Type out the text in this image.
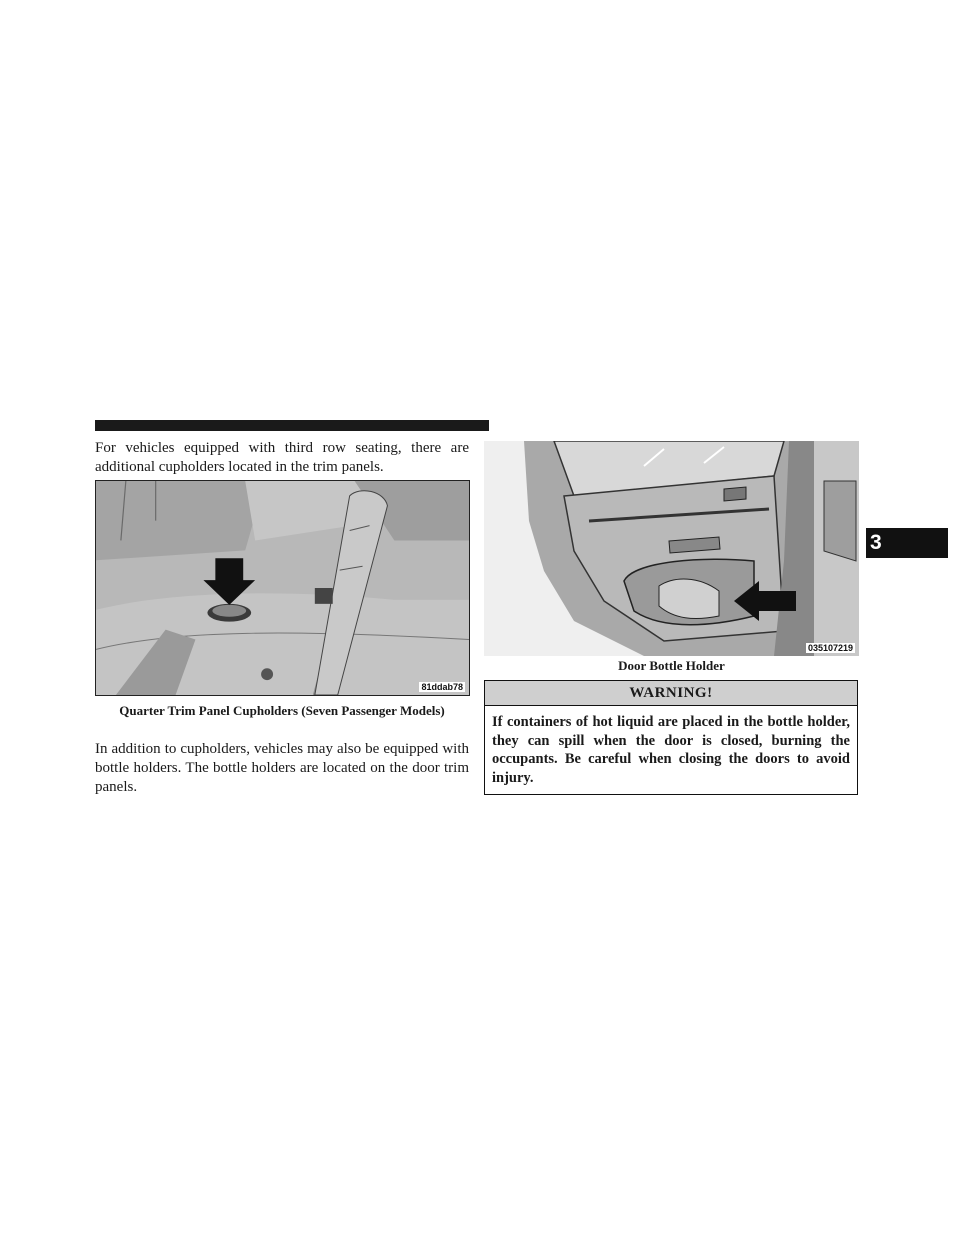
For vehicles equipped with third row seating, there are additional cupholders located in the trim panels.

81ddab78
Quarter Trim Panel Cupholders (Seven Passenger Models)

In addition to cupholders, vehicles may also be equipped with bottle holders. The bottle holders are located on the door trim panels.

035107219
Door Bottle Holder
WARNING!
If containers of hot liquid are placed in the bottle holder, they can spill when the door is closed, burning the occupants. Be careful when closing the doors to avoid injury.
3
